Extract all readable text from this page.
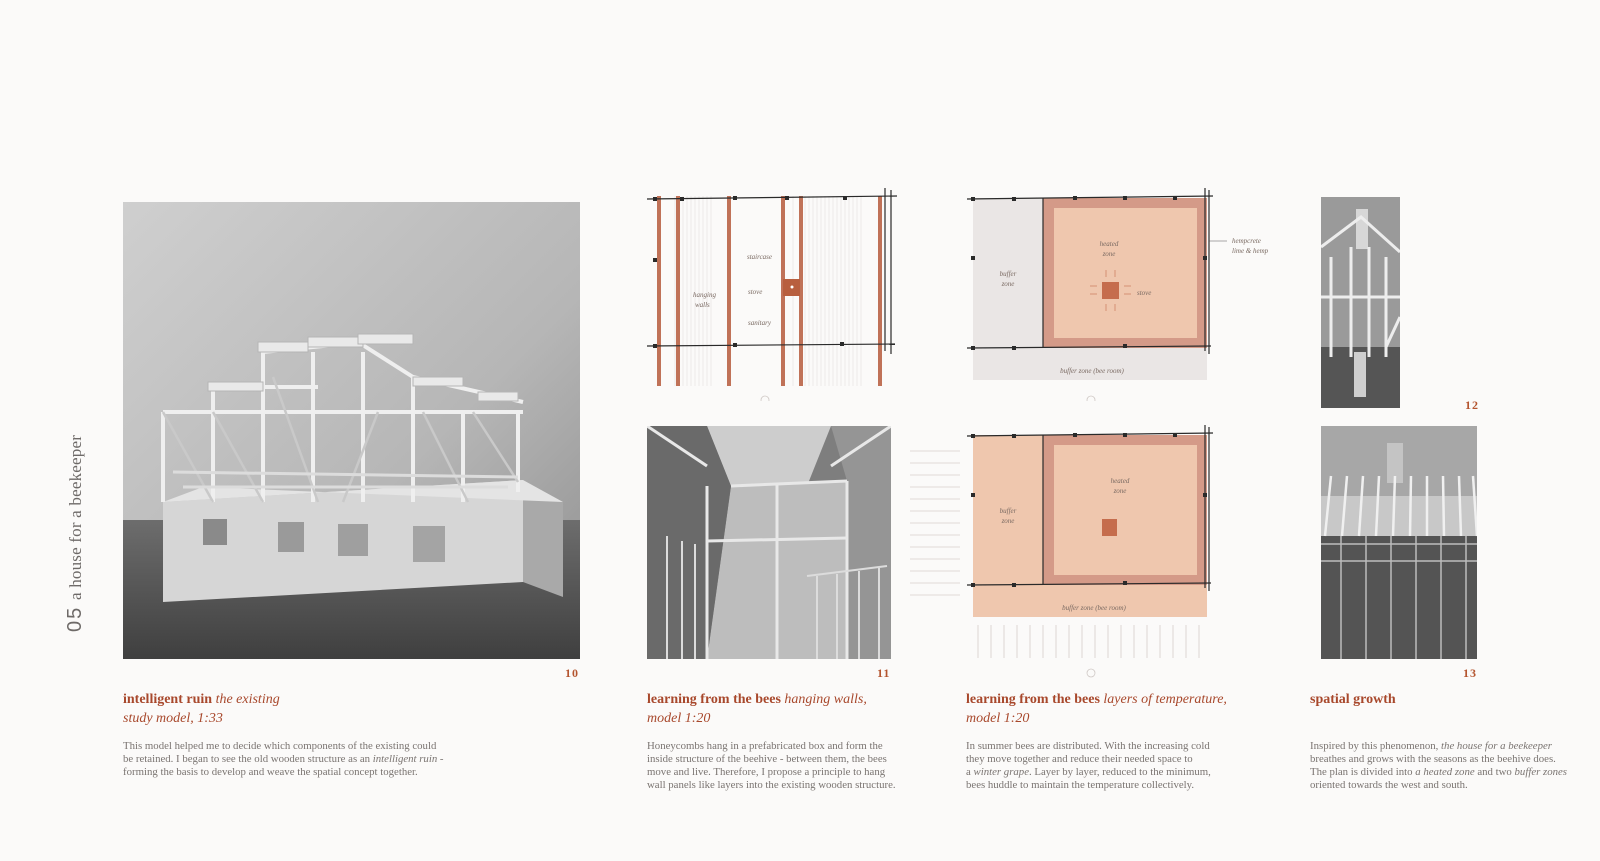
a house for a beekeeper
05
10
staircase
hanging
walls
stove
sanitary
11
heated
zone
buffer
zone
stove
buffer zone (bee room)
hempcrete
lime & hemp
heated
zone
buffer
zone
buffer zone (bee room)
12
13
intelligent ruin the existing
study model, 1:33
This model helped me to decide which components of the existing could
be retained. I began to see the old wooden structure as an intelligent ruin -
forming the basis to develop and weave the spatial concept together.
learning from the bees hanging walls,
model 1:20
Honeycombs hang in a prefabricated box and form the
inside structure of the beehive - between them, the bees
move and live. Therefore, I propose a principle to hang
wall panels like layers into the existing wooden structure.
learning from the bees layers of temperature,
model 1:20
In summer bees are distributed. With the increasing cold
they move together and reduce their needed space to
a winter grape. Layer by layer, reduced to the minimum,
bees huddle to maintain the temperature collectively.
spatial growth
Inspired by this phenomenon, the house for a beekeeper
breathes and grows with the seasons as the beehive does.
The plan is divided into a heated zone and two buffer zones
oriented towards the west and south.
